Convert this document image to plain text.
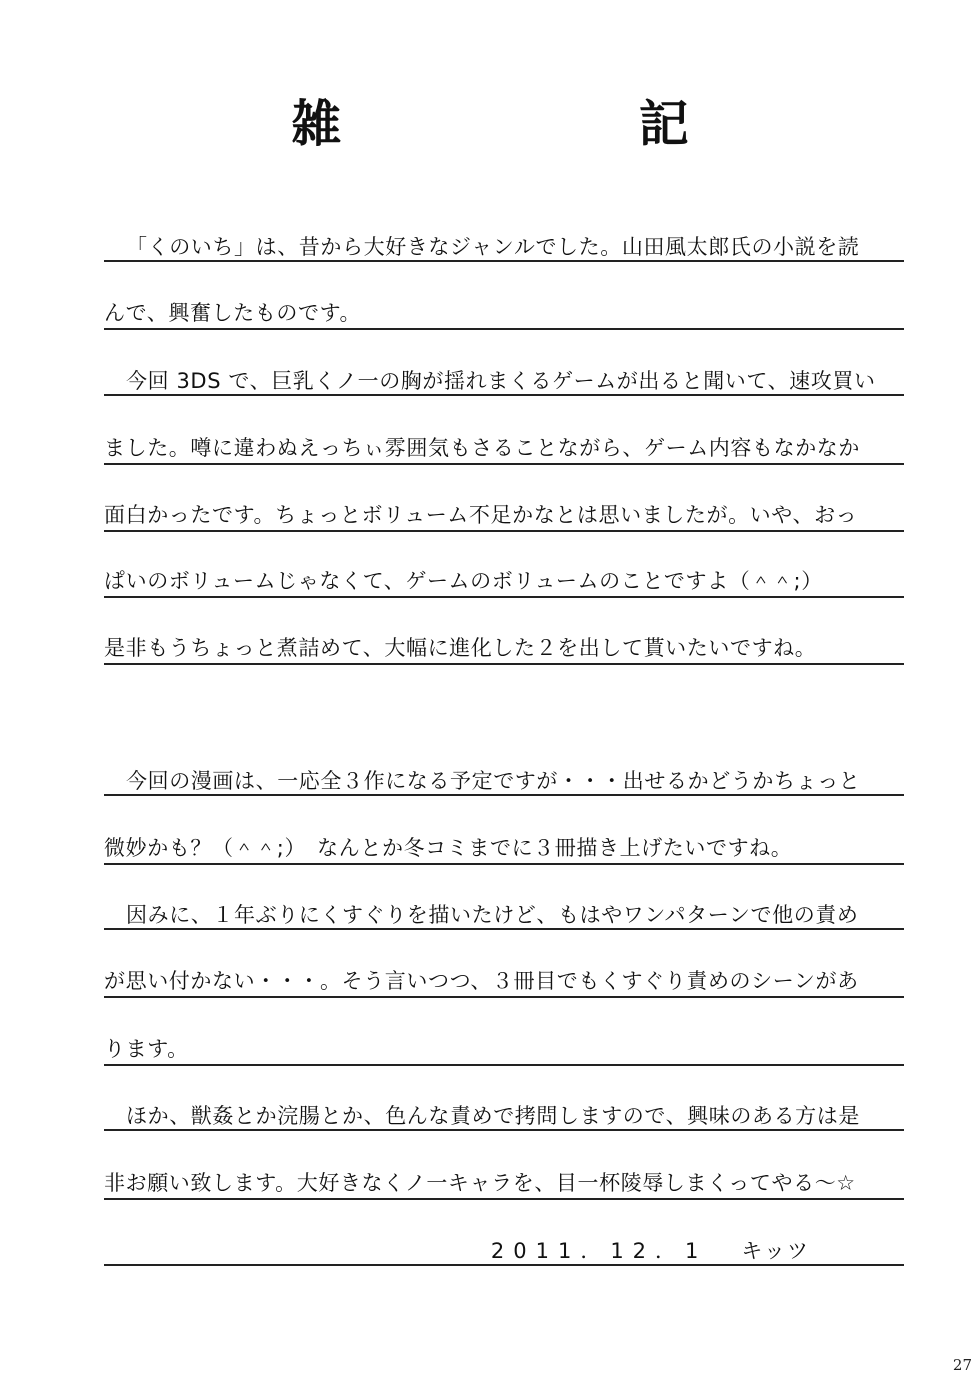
雑 記
「くのいち」は、昔から大好きなジャンルでした。山田風太郎氏の小説を読
んで、興奮したものです。
今回 3DS で、巨乳くノ一の胸が揺れまくるゲームが出ると聞いて、速攻買い
ました。噂に違わぬえっちぃ雰囲気もさることながら、ゲーム内容もなかなか
面白かったです。ちょっとボリューム不足かなとは思いましたが。いや、おっ
ぱいのボリュームじゃなくて、ゲームのボリュームのことですよ（＾＾;）
是非もうちょっと煮詰めて、大幅に進化した２を出して貰いたいですね。
今回の漫画は、一応全３作になる予定ですが・・・出せるかどうかちょっと
微妙かも？（＾＾;）　なんとか冬コミまでに３冊描き上げたいですね。
因みに、１年ぶりにくすぐりを描いたけど、もはやワンパターンで他の責め
が思い付かない・・・。そう言いつつ、３冊目でもくすぐり責めのシーンがあ
ります。
ほか、獣姦とか浣腸とか、色んな責めで拷問しますので、興味のある方は是
非お願い致します。大好きなくノ一キャラを、目一杯陵辱しまくってやる～☆
2011．12．1 キッツ
27
